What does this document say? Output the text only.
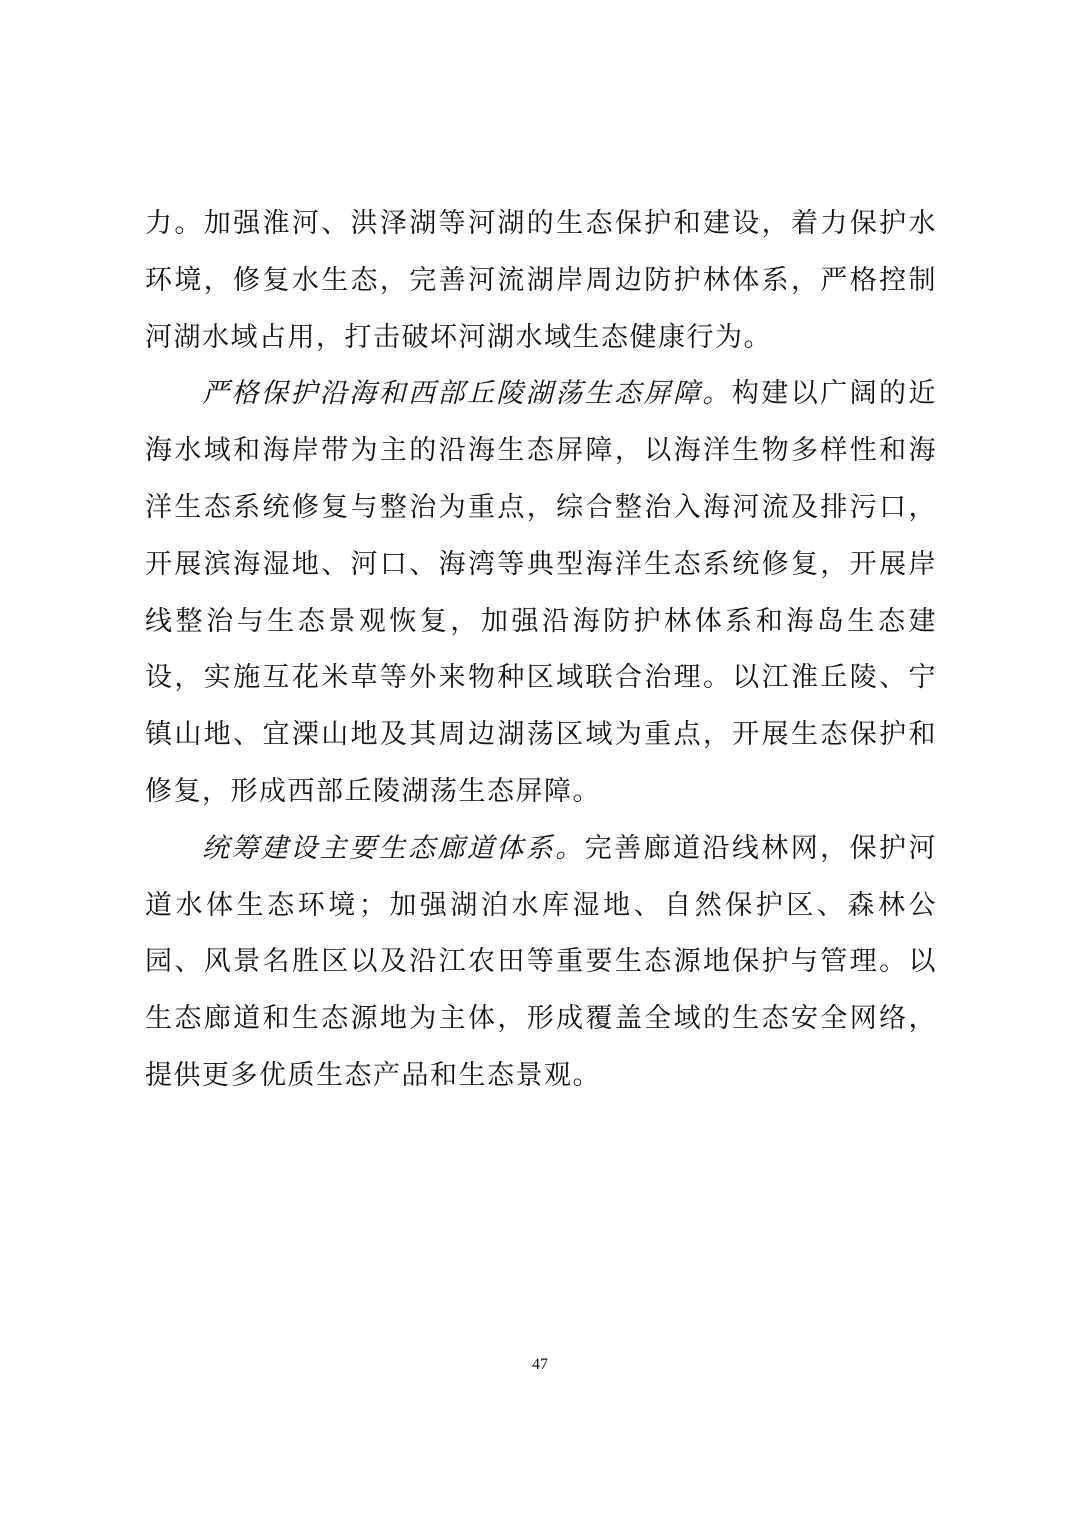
力。加强淮河、洪泽湖等河湖的生态保护和建设，着力保护水环境，修复水生态，完善河流湖岸周边防护林体系，严格控制河湖水域占用，打击破坏河湖水域生态健康行为。

严格保护沿海和西部丘陵湖荡生态屏障。构建以广阔的近海水域和海岸带为主的沿海生态屏障，以海洋生物多样性和海洋生态系统修复与整治为重点，综合整治入海河流及排污口，开展滨海湿地、河口、海湾等典型海洋生态系统修复，开展岸线整治与生态景观恢复，加强沿海防护林体系和海岛生态建设，实施互花米草等外来物种区域联合治理。以江淮丘陵、宁镇山地、宜溧山地及其周边湖荡区域为重点，开展生态保护和修复，形成西部丘陵湖荡生态屏障。

统筹建设主要生态廊道体系。完善廊道沿线林网，保护河道水体生态环境；加强湖泊水库湿地、自然保护区、森林公园、风景名胜区以及沿江农田等重要生态源地保护与管理。以生态廊道和生态源地为主体，形成覆盖全域的生态安全网络，提供更多优质生态产品和生态景观。

47
